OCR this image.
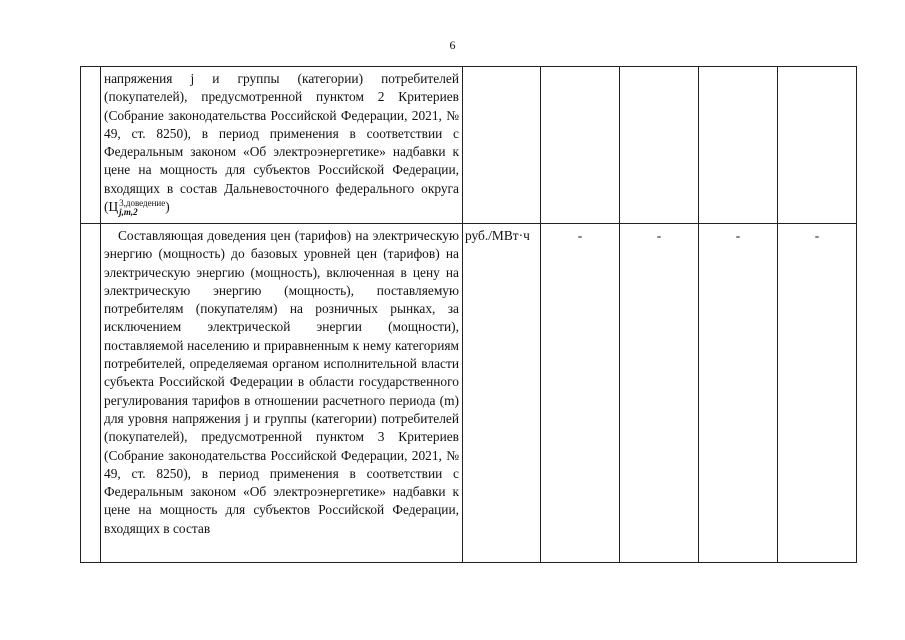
6

	напряжения j и группы (категории) потребителей (покупателей), предусмотренной пунктом 2 Критериев (Собрание законодательства Российской Федерации, 2021, № 49, ст. 8250), в период применения в соответствии с Федеральным законом «Об электроэнергетике» надбавки к цене на мощность для субъектов Российской Федерации, входящих в состав Дальневосточного федерального округа (Ц 3,доведение
j,m,2 )					

	Составляющая доведения цен (тарифов) на электрическую энергию (мощность) до базовых уровней цен (тарифов) на электрическую энергию (мощность), включенная в цену на электрическую энергию (мощность), поставляемую потребителям (покупателям) на розничных рынках, за исключением электрической энергии (мощности), поставляемой населению и приравненным к нему категориям потребителей, определяемая органом исполнительной власти субъекта Российской Федерации в области государственного регулирования тарифов в отношении расчетного периода (m) для уровня напряжения j и группы (категории) потребителей (покупателей), предусмотренной пунктом 3 Критериев (Собрание законодательства Российской Федерации, 2021, № 49, ст. 8250), в период применения в соответствии с Федеральным законом «Об электроэнергетике» надбавки к цене на мощность для субъектов Российской Федерации, входящих в состав	руб./МВт·ч	-	-	-	-
